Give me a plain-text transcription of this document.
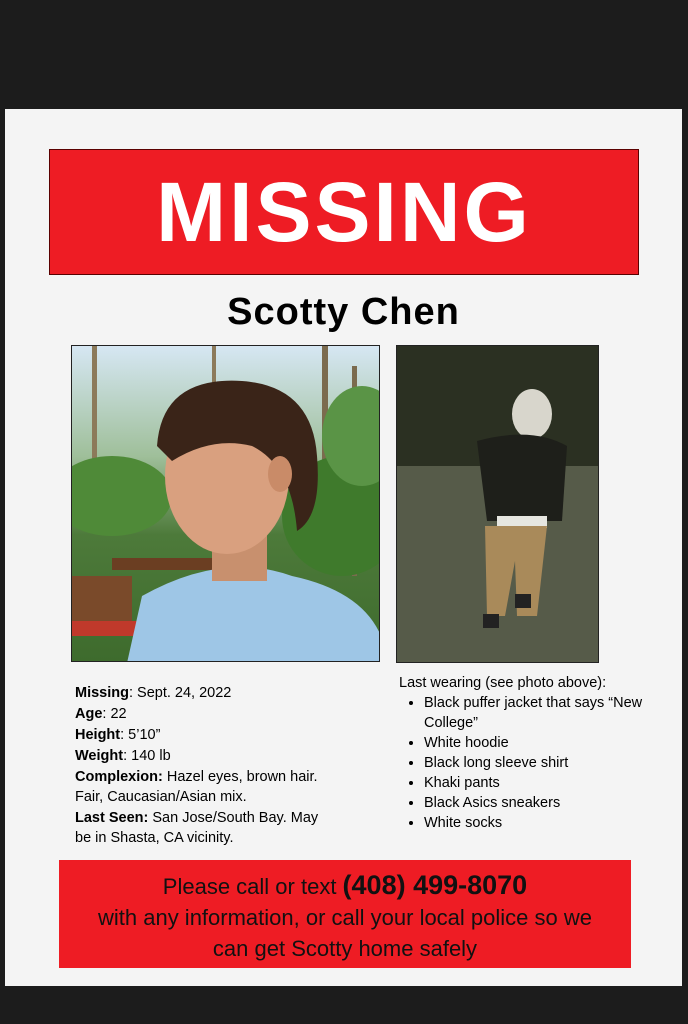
MISSING
Scotty Chen

Missing: Sept. 24, 2022

Age: 22

Height: 5’10”

Weight: 140 lb

Complexion: Hazel eyes, brown hair. Fair, Caucasian/Asian mix.

Last Seen: San Jose/South Bay. May be in Shasta, CA vicinity.

Last wearing (see photo above):
• Black puffer jacket that says “New College”
• White hoodie
• Black long sleeve shirt
• Khaki pants
• Black Asics sneakers
• White socks
Please call or text (408) 499-8070
with any information, or call your local police so we
can get Scotty home safely
